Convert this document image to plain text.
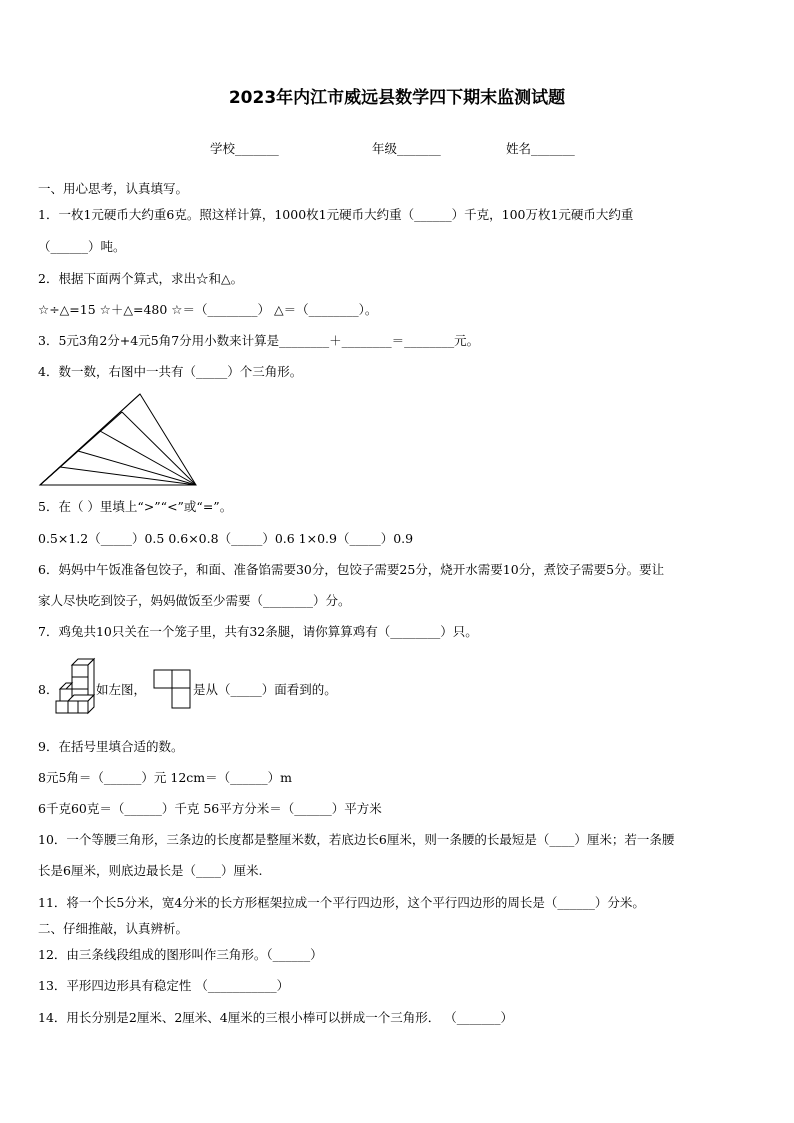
2023年内江市威远县数学四下期末监测试题
学校_______	年级_______	姓名_______

一、用心思考，认真填写。

1．一枚1元硬币大约重6克。照这样计算，1000枚1元硬币大约重（______）千克，100万枚1元硬币大约重

（______）吨。

2．根据下面两个算式，求出☆和△。

☆÷△=15 ☆＋△=480 ☆＝（________） △＝（________）。

3．5元3角2分+4元5角7分用小数来计算是________＋________＝________元。

4．数一数，右图中一共有（_____）个三角形。

5．在（ ）里填上“>”“<”或“=”。

0.5×1.2（_____）0.5 0.6×0.8（_____）0.6 1×0.9（_____）0.9

6．妈妈中午饭准备包饺子，和面、准备馅需要30分，包饺子需要25分，烧开水需要10分，煮饺子需要5分。要让

家人尽快吃到饺子，妈妈做饭至少需要（________）分。

7．鸡兔共10只关在一个笼子里，共有32条腿，请你算算鸡有（________）只。

8．	如左图，	是从（_____）面看到的。

9．在括号里填合适的数。

8元5角＝（______）元 12cm＝（______）m

6千克60克＝（______）千克 56平方分米＝（______）平方米

10．一个等腰三角形，三条边的长度都是整厘米数，若底边长6厘米，则一条腰的长最短是（____）厘米；若一条腰

长是6厘米，则底边最长是（____）厘米.

11．将一个长5分米，宽4分米的长方形框架拉成一个平行四边形，这个平行四边形的周长是（______）分米。

二、仔细推敲，认真辨析。

12．由三条线段组成的图形叫作三角形。（______）

13．平形四边形具有稳定性 （___________）

14．用长分别是2厘米、2厘米、4厘米的三根小棒可以拼成一个三角形． （_______）
